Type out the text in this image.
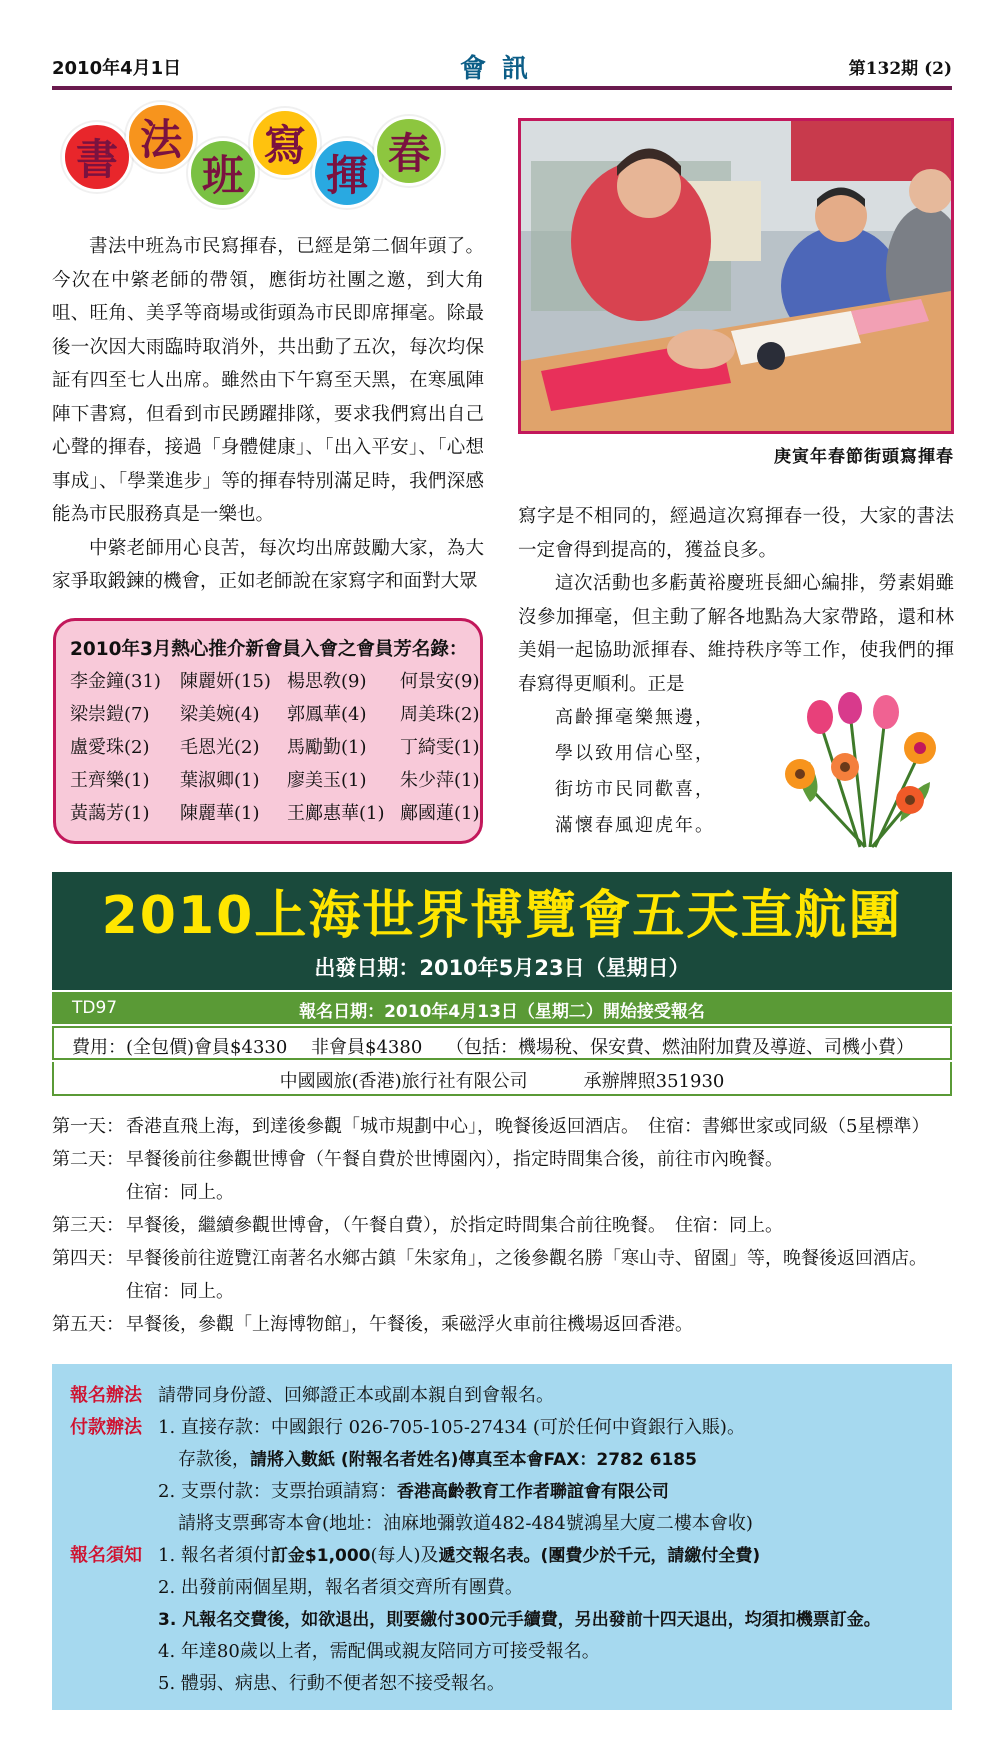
2010年4月1日	會訊	第132期 (2)
書 法
班
寫
揮 春

書法中班為市民寫揮春，已經是第二個年頭了。今次在中綮老師的帶領，應街坊社團之邀，到大角咀、旺角、美孚等商場或街頭為市民即席揮毫。除最後一次因大雨臨時取消外，共出動了五次，每次均保証有四至七人出席。雖然由下午寫至天黑，在寒風陣陣下書寫，但看到市民踴躍排隊，要求我們寫出自己心聲的揮春，接過「身體健康」、「出入平安」、「心想事成」、「學業進步」等的揮春特別滿足時，我們深感能為市民服務真是一樂也。

中綮老師用心良苦，每次均出席鼓勵大家，為大家爭取鍛鍊的機會，正如老師說在家寫字和面對大眾

庚寅年春節街頭寫揮春

寫字是不相同的，經過這次寫揮春一役，大家的書法一定會得到提高的，獲益良多。

這次活動也多虧黃裕慶班長細心編排，勞素娟雖沒參加揮毫，但主動了解各地點為大家帶路，還和林美娟一起協助派揮春、維持秩序等工作，使我們的揮春寫得更順利。正是

高齡揮毫樂無邊，
學以致用信心堅，
街坊市民同歡喜，
滿懷春風迎虎年。
2010年3月熱心推介新會員入會之會員芳名錄：
李金鐘(31)	陳麗妍(15) 楊思敎(9)	何景安(9)
梁崇鎧(7)	梁美婉(4)	郭鳳華(4)	周美珠(2)
盧愛珠(2)	毛恩光(2)	馬勵勤(1)	丁綺雯(1)
王齊樂(1)	葉淑卿(1)	廖美玉(1)	朱少萍(1)
黃藹芳(1)	陳麗華(1)	王鄺惠華(1) 鄺國蓮(1)
2010上海世界博覽會五天直航團
出發日期：2010年5月23日（星期日）
TD97	報名日期：2010年4月13日（星期二）開始接受報名
費用：(全包價)會員$4330　 非會員$4380　 （包括：機場稅、保安費、燃油附加費及導遊、司機小費）
中國國旅(香港)旅行社有限公司	承辦牌照351930
第一天： 香港直飛上海，到達後參觀「城市規劃中心」，晚餐後返回酒店。　住宿：書鄉世家或同級（5星標準）
第二天： 早餐後前往參觀世博會（午餐自費於世博園內），指定時間集合後，前往市內晚餐。
住宿：同上。
第三天： 早餐後，繼續參觀世博會，（午餐自費），於指定時間集合前往晚餐。　住宿：同上。
第四天： 早餐後前往遊覽江南著名水鄉古鎮「朱家角」，之後參觀名勝「寒山寺、留園」等，晚餐後返回酒店。
住宿：同上。
第五天： 早餐後，參觀「上海博物館」，午餐後，乘磁浮火車前往機場返回香港。
報名辦法 請帶同身份證、回鄉證正本或副本親自到會報名。
付款辦法 1. 直接存款：中國銀行 026-705-105-27434 (可於任何中資銀行入賬)。
存款後，請將入數紙 (附報名者姓名)傳真至本會FAX：2782 6185
2. 支票付款：支票抬頭請寫：香港高齡教育工作者聯誼會有限公司
請將支票郵寄本會(地址：油麻地彌敦道482-484號鴻星大廈二樓本會收)
報名須知 1. 報名者須付訂金$1,000(每人)及遞交報名表。(團費少於千元，請繳付全費)
2. 出發前兩個星期，報名者須交齊所有團費。
3. 凡報名交費後，如欲退出，則要繳付300元手續費，另出發前十四天退出，均須扣機票訂金。
4. 年達80歲以上者，需配偶或親友陪同方可接受報名。
5. 體弱、病患、行動不便者恕不接受報名。
